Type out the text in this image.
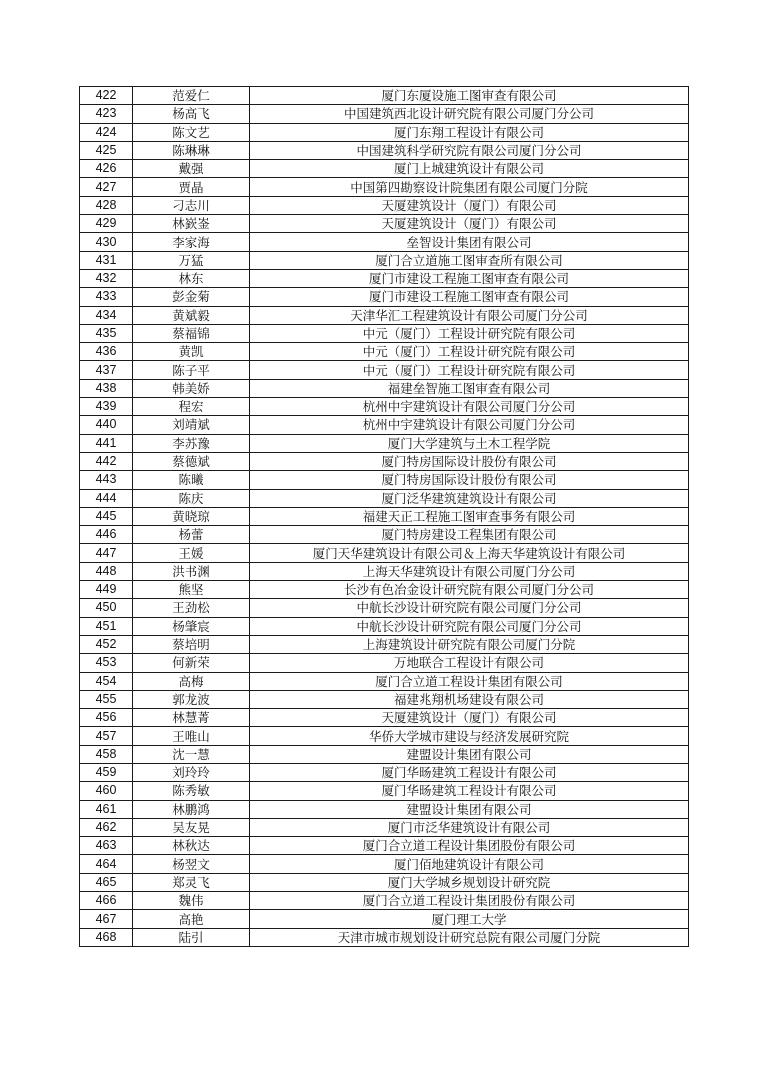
422	范爱仁	厦门东厦设施工图审查有限公司
423	杨高飞	中国建筑西北设计研究院有限公司厦门分公司
424	陈文艺	厦门东翔工程设计有限公司
425	陈琳琳	中国建筑科学研究院有限公司厦门分公司
426	戴强	厦门上城建筑设计有限公司
427	贾晶	中国第四勘察设计院集团有限公司厦门分院
428	刁志川	天厦建筑设计（厦门）有限公司
429	林嶔崟	天厦建筑设计（厦门）有限公司
430	李家海	垒智设计集团有限公司
431	万猛	厦门合立道施工图审查所有限公司
432	林东	厦门市建设工程施工图审查有限公司
433	彭金菊	厦门市建设工程施工图审查有限公司
434	黄斌毅	天津华汇工程建筑设计有限公司厦门分公司
435	蔡福锦	中元（厦门）工程设计研究院有限公司
436	黄凯	中元（厦门）工程设计研究院有限公司
437	陈子平	中元（厦门）工程设计研究院有限公司
438	韩美娇	福建垒智施工图审查有限公司
439	程宏	杭州中宇建筑设计有限公司厦门分公司
440	刘靖斌	杭州中宇建筑设计有限公司厦门分公司
441	李苏豫	厦门大学建筑与土木工程学院
442	蔡德斌	厦门特房国际设计股份有限公司
443	陈曦	厦门特房国际设计股份有限公司
444	陈庆	厦门泛华建筑建筑设计有限公司
445	黄晓琼	福建天正工程施工图审查事务有限公司
446	杨蕾	厦门特房建设工程集团有限公司
447	王媛	厦门天华建筑设计有限公司＆上海天华建筑设计有限公司
448	洪书渊	上海天华建筑设计有限公司厦门分公司
449	熊坚	长沙有色冶金设计研究院有限公司厦门分公司
450	王劲松	中航长沙设计研究院有限公司厦门分公司
451	杨肇宸	中航长沙设计研究院有限公司厦门分公司
452	蔡培明	上海建筑设计研究院有限公司厦门分院
453	何新荣	万地联合工程设计有限公司
454	高梅	厦门合立道工程设计集团有限公司
455	郭龙波	福建兆翔机场建设有限公司
456	林慧菁	天厦建筑设计（厦门）有限公司
457	王唯山	华侨大学城市建设与经济发展研究院
458	沈一慧	建盟设计集团有限公司
459	刘玲玲	厦门华旸建筑工程设计有限公司
460	陈秀敏	厦门华旸建筑工程设计有限公司
461	林鹏鸿	建盟设计集团有限公司
462	吴友晃	厦门市泛华建筑设计有限公司
463	林秋达	厦门合立道工程设计集团股份有限公司
464	杨翌文	厦门佰地建筑设计有限公司
465	郑灵飞	厦门大学城乡规划设计研究院
466	魏伟	厦门合立道工程设计集团股份有限公司
467	高艳	厦门理工大学
468	陆引	天津市城市规划设计研究总院有限公司厦门分院
